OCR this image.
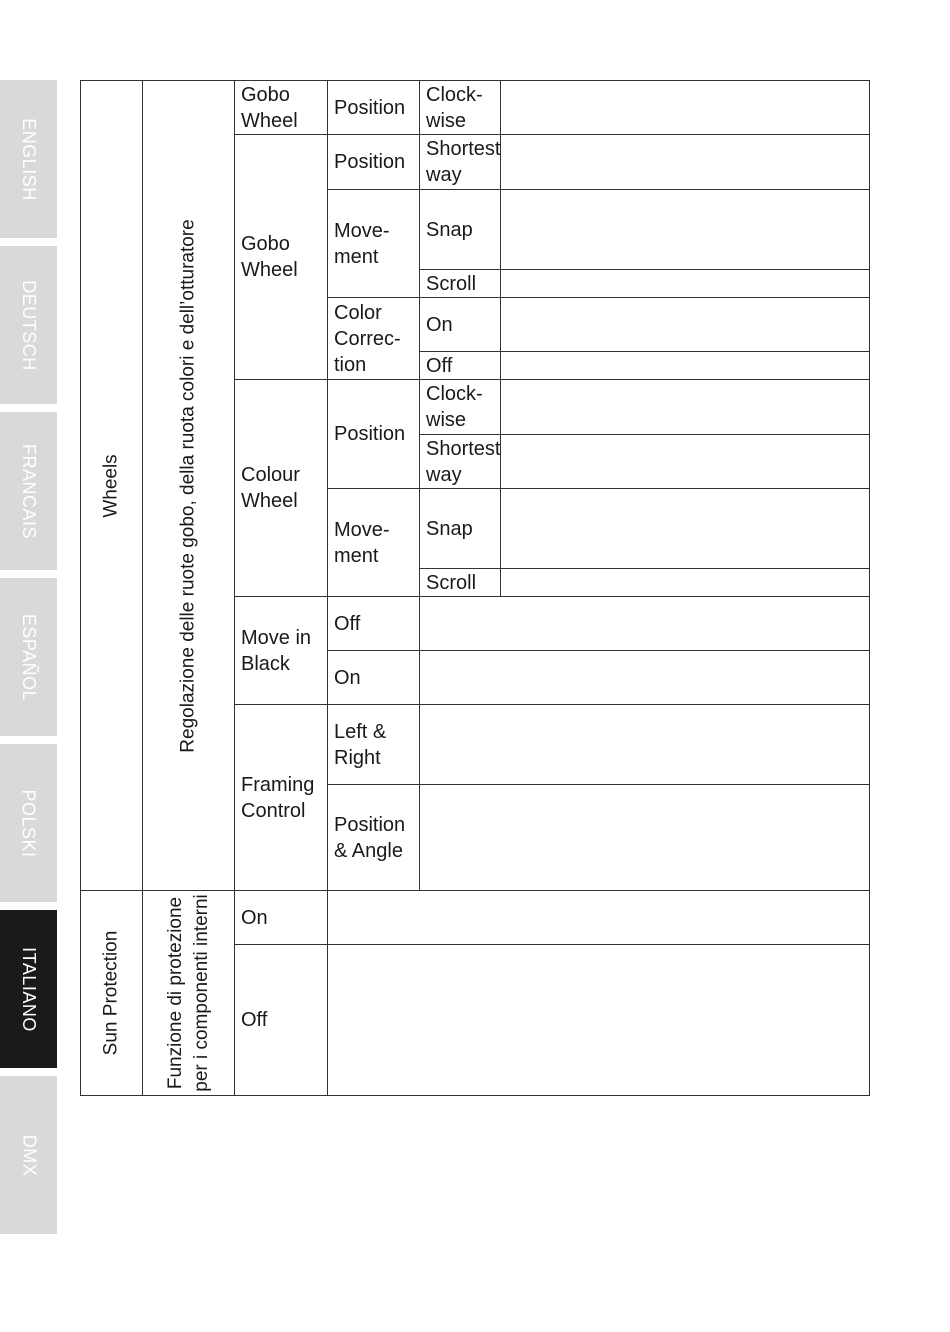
ENGLISH
DEUTSCH
FRANCAIS
ESPAÑOL
POLSKI
ITALIANO
DMX
Wheels
Sun Protection
Regolazione delle ruote gobo, della ruota colori e dell’otturatore
Funzione di protezione per i componenti interni
Gobo Wheel
Gobo Wheel
Colour Wheel
Move in Black
Framing Control
On
Off
Position
Position
Move-ment
Color Correc-tion
Position
Move-ment
Off
On
Left & Right
Position & Angle
Clock-wise
Shortest way
Snap
Scroll
On
Off
Clock-wise
Shortest way
Snap
Scroll
